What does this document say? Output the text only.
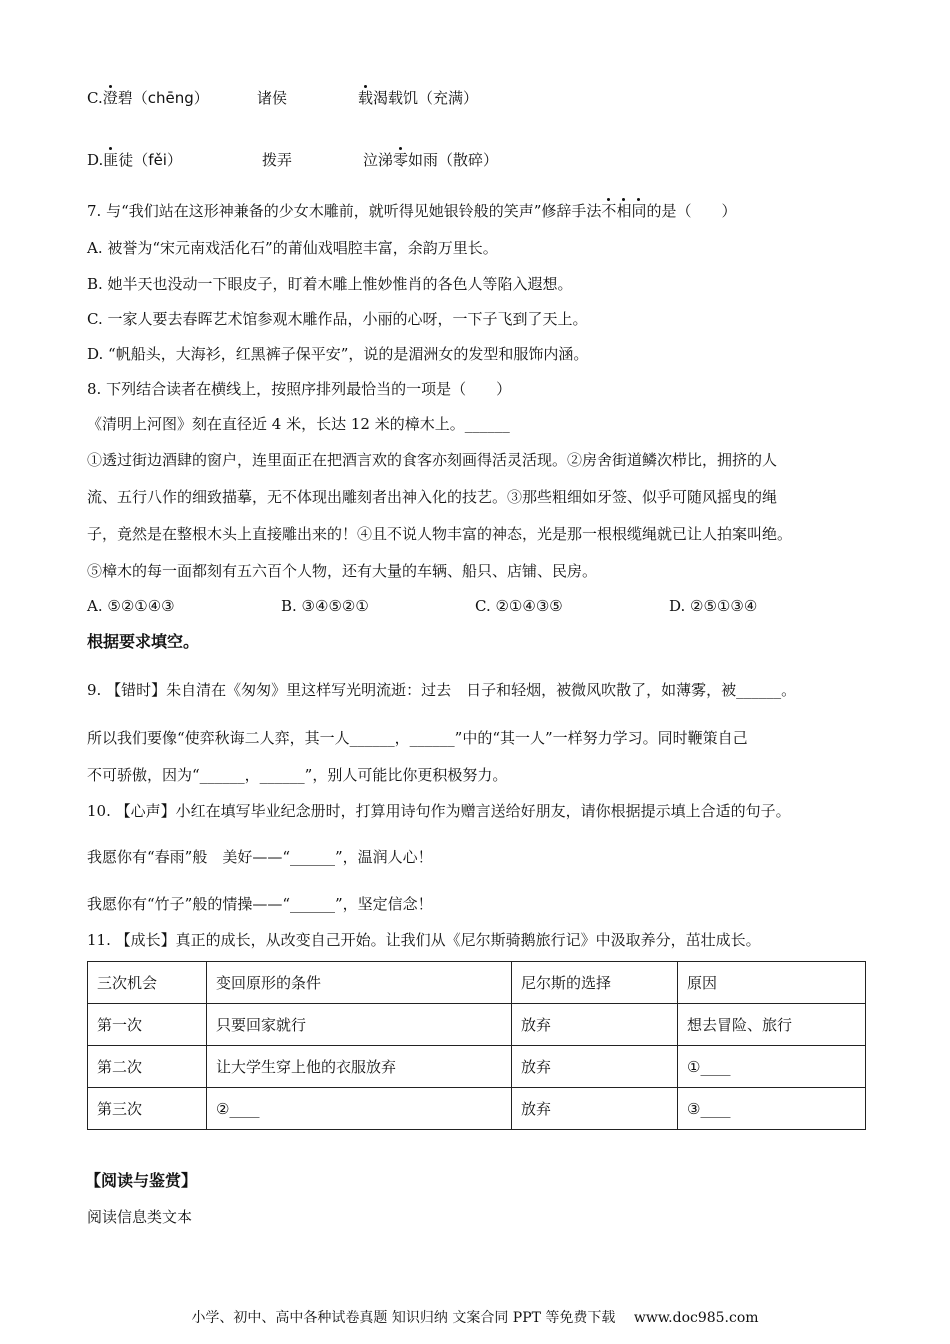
C.澄碧（chēng）	诸侯	载渴载饥（充满）
D.匪徒（fěi）	拨弄	泣涕零如雨（散碎）
7. 与“我们站在这形神兼备的少女木雕前，就听得见她银铃般的笑声”修辞手法不相同的是（　　）
A. 被誉为“宋元南戏活化石”的莆仙戏唱腔丰富，余韵万里长。
B. 她半天也没动一下眼皮子，盯着木雕上惟妙惟肖的各色人等陷入遐想。
C. 一家人要去春晖艺术馆参观木雕作品，小丽的心呀，一下子飞到了天上。
D. “帆船头，大海衫，红黑裤子保平安”，说的是湄洲女的发型和服饰内涵。
8. 下列结合读者在横线上，按照序排列最恰当的一项是（　　）
《清明上河图》刻在直径近 4 米，长达 12 米的樟木上。______
①透过街边酒肆的窗户，连里面正在把酒言欢的食客亦刻画得活灵活现。②房舍街道鳞次栉比，拥挤的人
流、五行八作的细致描摹，无不体现出雕刻者出神入化的技艺。③那些粗细如牙签、似乎可随风摇曳的绳
子，竟然是在整根木头上直接雕出来的！④且不说人物丰富的神态，光是那一根根缆绳就已让人拍案叫绝。
⑤樟木的每一面都刻有五六百个人物，还有大量的车辆、船只、店铺、民房。
A. ⑤②①④③	B. ③④⑤②①	C. ②①④③⑤	D. ②⑤①③④
根据要求填空。
9. 【错时】朱自清在《匆匆》里这样写光明流逝：过去　日子和轻烟，被微风吹散了，如薄雾，被______。
所以我们要像“使弈秋诲二人弈，其一人______，______”中的“其一人”一样努力学习。同时鞭策自己
不可骄傲，因为“______，______”，别人可能比你更积极努力。
10. 【心声】小红在填写毕业纪念册时，打算用诗句作为赠言送给好朋友，请你根据提示填上合适的句子。
我愿你有“春雨”般　美好——“______”，温润人心！
我愿你有“竹子”般的情操——“______”，坚定信念！
11. 【成长】真正的成长，从改变自己开始。让我们从《尼尔斯骑鹅旅行记》中汲取养分，茁壮成长。
三次机会	变回原形的条件	尼尔斯的选择	原因
第一次	只要回家就行	放弃	想去冒险、旅行
第二次	让大学生穿上他的衣服放弃	放弃	①____
第三次	②____	放弃	③____
【阅读与鉴赏】
阅读信息类文本
小学、初中、高中各种试卷真题 知识归纳 文案合同 PPT 等免费下载　 www.doc985.com
